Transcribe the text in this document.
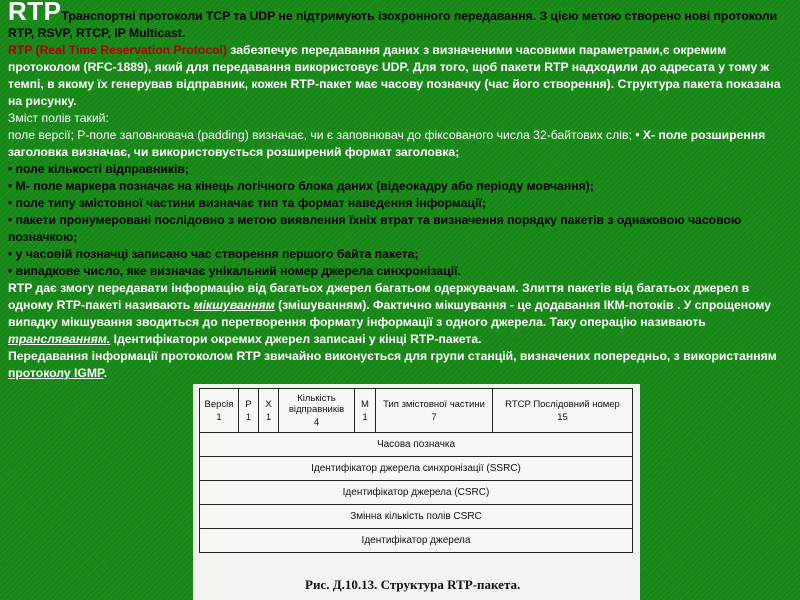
RTPТранспортні протоколи TCP та UDP не підтримують ізохронного передавання. З цією метою створено нові протоколи RTP, RSVP, RTCP, IP Multicast.

RTP (Real Time Reservation Protocol) забезпечує передавання даних з визначеними часовими параметрами,є окремим протоколом (RFC-1889), який для передавання використовує UDP. Для того, щоб пакети RTP надходили до адресата у тому ж темпі, в якому їх генерував відправник, кожен RTP-пакет має часову позначку (час його створення). Структура пакета показана на рисунку.

Зміст полів такий:

поле версії; P-поле заповнювача (padding) визначає, чи є заповнювач до фіксованого числа 32-байтових слів; • X- поле розширення заголовка визначає, чи використовується розширений формат заголовка;

• поле кількості відправників;

• M- поле маркера позначає на кінець логічного блока даних (відеокадру або періоду мовчання);

• поле типу змістовної частини визначає тип та формат наведення інформації;

• пакети пронумеровані послідовно з метою виявлення їхніх втрат та визначення порядку пакетів з однаковою часовою позначкою;

• у часовій позначці записано час створення першого байта пакета;

• випадкове число, яке визначає унікальний номер джерела синхронізації.

RTP дає змогу передавати інформацію від багатьох джерел багатьом одержувачам. Злиття пакетів від багатьох джерел в одному RTP-пакеті називають мікшуванням (змішуванням). Фактично мікшування - це додавання ІКМ-потоків . У спрощеному випадку мікшування зводиться до перетворення формату інформації з одного джерела. Таку операцію називають трансляванням. Ідентифікатори окремих джерел записані у кінці RTP-пакета.

Передавання інформації протоколом RTP звичайно виконується для групи станцій, визначених попередньо, з використанням протоколу IGMP.

Версія
1
P
1
X
1
Кількість відправників
4
M
1
Тип змістовної частини
7
RTCP Послідовний номер
15
Часова позначка
Ідентифікатор джерела синхронізації (SSRC)
Ідентифікатор джерела (CSRC)
Змінна кількість полів CSRC
Ідентифікатор джерела
Рис. Д.10.13. Структура RTP-пакета.
